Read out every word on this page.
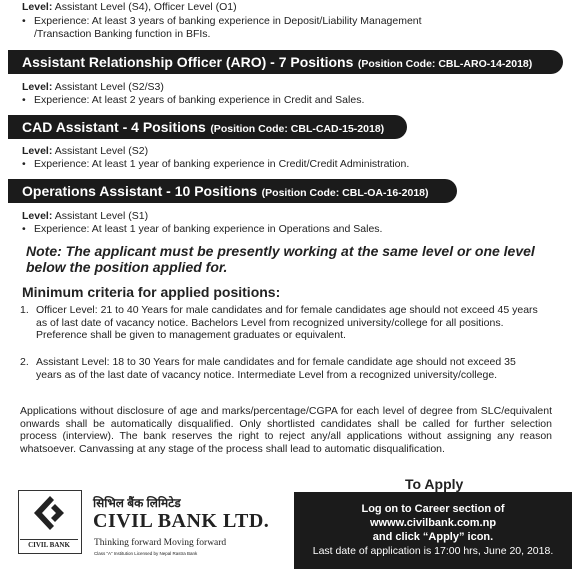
Level: Assistant Level (S4), Officer Level (O1)
• Experience: At least 3 years of banking experience in Deposit/Liability Management
/Transaction Banking function in BFIs.
Assistant Relationship Officer (ARO) - 7 Positions (Position Code: CBL-ARO-14-2018)
Level: Assistant Level (S2/S3)
• Experience: At least 2 years of banking experience in Credit and Sales.
CAD Assistant - 4 Positions (Position Code: CBL-CAD-15-2018)
Level: Assistant Level (S2)
• Experience: At least 1 year of banking experience in Credit/Credit Administration.
Operations Assistant - 10 Positions (Position Code: CBL-OA-16-2018)
Level: Assistant Level (S1)
• Experience: At least 1 year of banking experience in Operations and Sales.
Note: The applicant must be presently working at the same level or one level below the position applied for.
Minimum criteria for applied positions:
1. Officer Level: 21 to 40 Years for male candidates and for female candidates age should not exceed 45 years as of last date of vacancy notice. Bachelors Level from recognized university/college for all positions. Preference shall be given to management graduates or equivalent.
2. Assistant Level: 18 to 30 Years for male candidates and for female candidate age should not exceed 35 years as of the last date of vacancy notice. Intermediate Level from a recognized university/college.
Applications without disclosure of age and marks/percentage/CGPA for each level of degree from SLC/equivalent onwards shall be automatically disqualified. Only shortlisted candidates shall be called for further selection process (interview). The bank reserves the right to reject any/all applications without assigning any reason whatsoever. Canvassing at any stage of the process shall lead to automatic disqualification.
CIVIL BANK
सिभिल बैंक लिमिटेड
CIVIL BANK LTD.
Thinking forward Moving forward
Class “A” Institution Licensed by Nepal Rastra Bank
To Apply
Log on to Career section of
wwww.civilbank.com.np
and click “Apply” icon.
Last date of application is 17:00 hrs, June 20, 2018.
